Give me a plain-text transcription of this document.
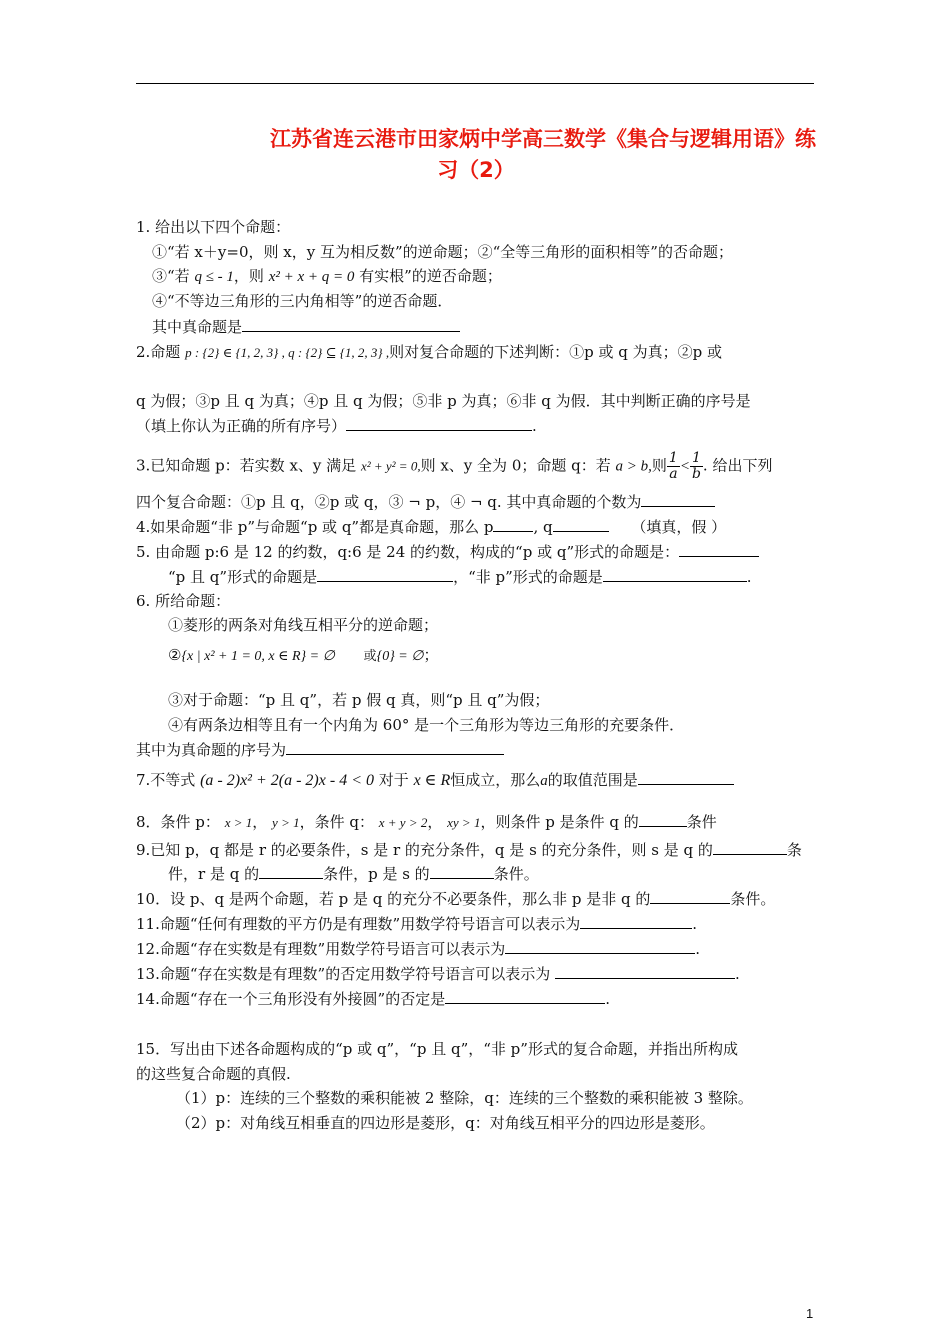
江苏省连云港市田家炳中学高三数学《集合与逻辑用语》练
习（2）
1. 给出以下四个命题：
①“若 x＋y=0，则 x，y 互为相反数”的逆命题；②“全等三角形的面积相等”的否命题；
③“若 q ≤ - 1，则 x² + x + q = 0 有实根”的逆否命题；
④“不等边三角形的三内角相等”的逆否命题．
其中真命题是
2.命题 p : {2} ∈ {1, 2, 3} , q : {2} ⊆ {1, 2, 3} ,则对复合命题的下述判断：①p 或 q 为真；②p 或
q 为假；③p 且 q 为真；④p 且 q 为假；⑤非 p 为真；⑥非 q 为假．其中判断正确的序号是
（填上你认为正确的所有序号）	.
3.已知命题 p：若实数 x、y 满足 x² + y² = 0,则 x、y 全为 0；命题 q：若 a > b,则 $\frac{1}{a} < \frac{1}{b}$ . 给出下列
四个复合命题：①p 且 q，②p 或 q，③ ¬ p，④ ¬ q. 其中真命题的个数为
4.如果命题“非 p”与命题“p 或 q”都是真命题，那么 p	, q	（填真，假 ）
5. 由命题 p:6 是 12 的约数，q:6 是 24 的约数，构成的“p 或 q”形式的命题是：
“p 且 q”形式的命题是	，“非 p”形式的命题是	.
6. 所给命题：
①菱形的两条对角线互相平分的逆命题；
②{x | x² + 1 = 0, x ∈ R} = ∅ 或{0} = ∅；
③对于命题：“p 且 q”，若 p 假 q 真，则“p 且 q”为假；
④有两条边相等且有一个内角为 60° 是一个三角形为等边三角形的充要条件．
其中为真命题的序号为
7.不等式 (a - 2)x² + 2(a - 2)x - 4 < 0 对于 x ∈ R恒成立，那么a的取值范围是
8．条件 p： x > 1， y > 1，条件 q： x + y > 2， xy > 1，则条件 p 是条件 q 的	条件
9.已知 p，q 都是 r 的必要条件，s 是 r 的充分条件，q 是 s 的充分条件，则 s 是 q 的	条
件，r 是 q 的	条件，p 是 s 的	条件。
10．设 p、q 是两个命题，若 p 是 q 的充分不必要条件，那么非 p 是非 q 的	条件。
11.命题“任何有理数的平方仍是有理数”用数学符号语言可以表示为	.
12.命题“存在实数是有理数”用数学符号语言可以表示为	.
13.命题“存在实数是有理数”的否定用数学符号语言可以表示为	.
14.命题“存在一个三角形没有外接圆”的否定是	.
15．写出由下述各命题构成的“p 或 q”，“p 且 q”，“非 p”形式的复合命题，并指出所构成
的这些复合命题的真假.
（1）p：连续的三个整数的乘积能被 2 整除，q：连续的三个整数的乘积能被 3 整除。
（2）p：对角线互相垂直的四边形是菱形，q：对角线互相平分的四边形是菱形。
1
